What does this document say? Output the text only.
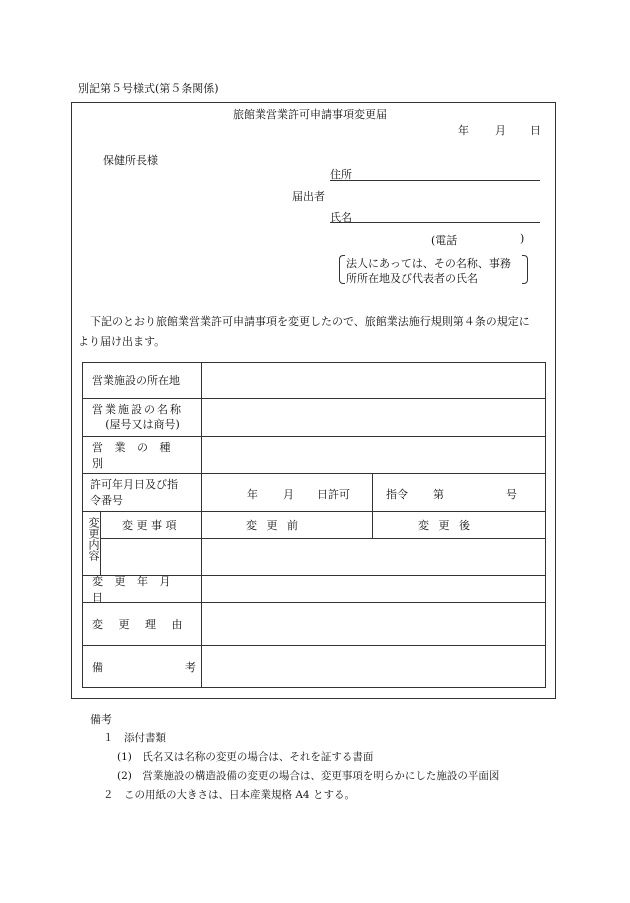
別記第５号様式(第５条関係)
旅館業営業許可申請事項変更届
年 月 日
保健所長様
住所
届出者
氏名
(電話	)
法人にあっては、その名称、事務
所所在地及び代表者の氏名
下記のとおり旅館業営業許可申請事項を変更したので、旅館業法施行規則第４条の規定に
より届け出ます。
営業施設の所在地
営業施設の名称
(屋号又は商号)
営 業 の 種 別
許可年月日及び指
令番号	年 月 日許可	指令 第	号
変更内容 変 更 事 項	変 更 前	変 更 後
変 更 年 月 日
変 更 理 由
備	考
備考
１　添付書類
(1)　氏名又は名称の変更の場合は、それを証する書面
(2)　営業施設の構造設備の変更の場合は、変更事項を明らかにした施設の平面図
２　この用紙の大きさは、日本産業規格 A4 とする。
